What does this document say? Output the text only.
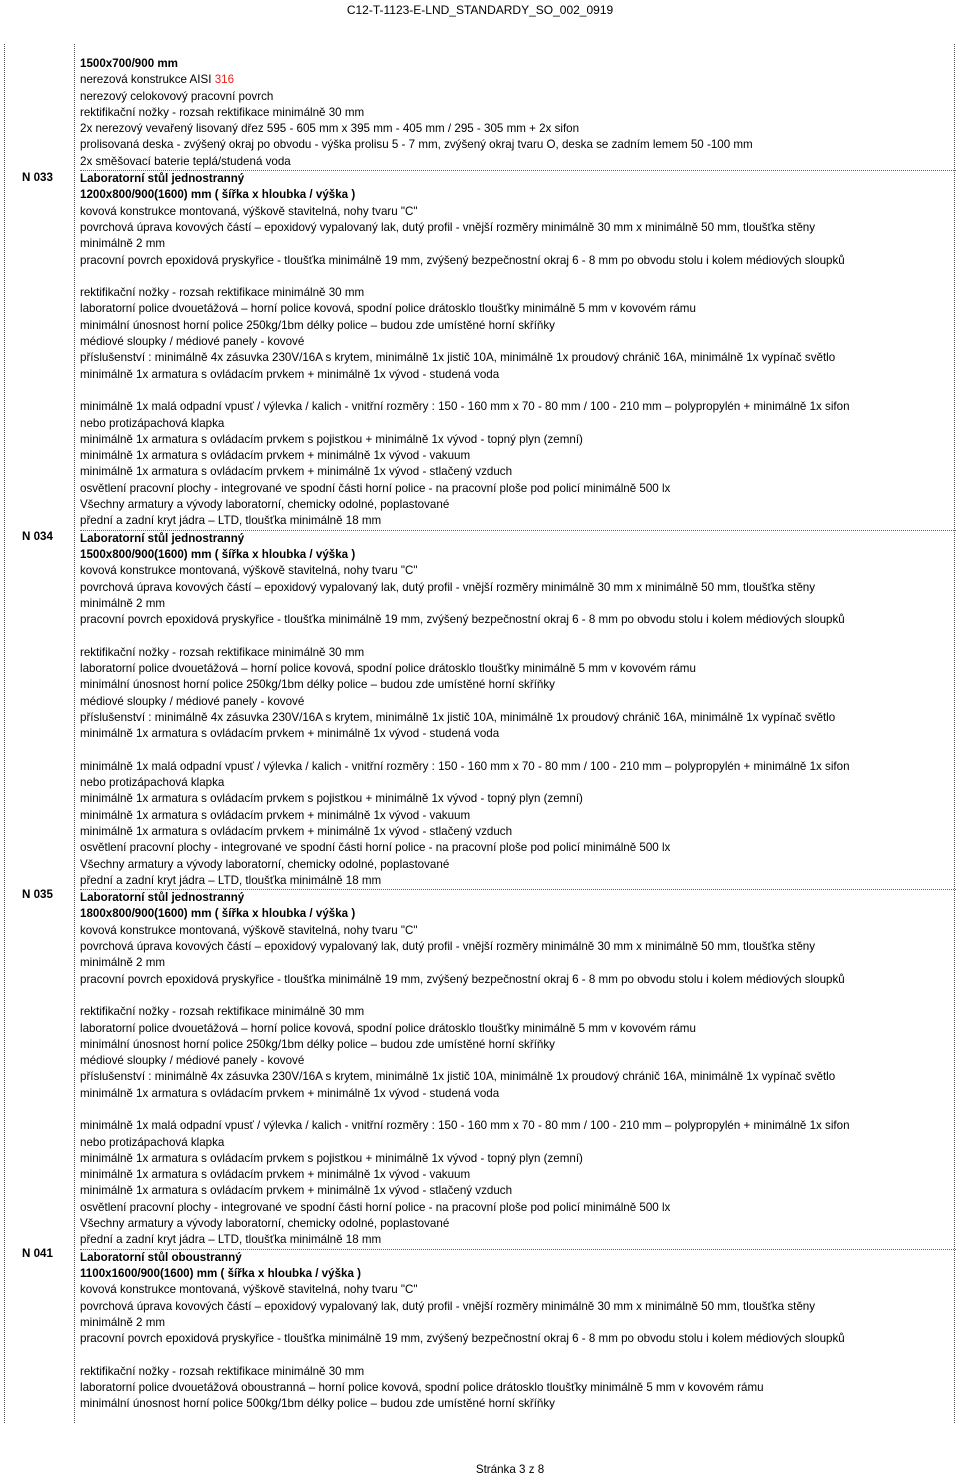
C12-T-1123-E-LND_STANDARDY_SO_002_0919
N 033
N 034
N 035
N 041
1500x700/900 mm
nerezová konstrukce AISI 316
nerezový celokovový pracovní povrch
rektifikační nožky - rozsah rektifikace minimálně 30 mm
2x nerezový vevařený lisovaný dřez 595 - 605 mm x 395 mm - 405 mm / 295 - 305 mm + 2x sifon
prolisovaná deska - zvýšený okraj po obvodu - výška prolisu 5 - 7 mm, zvýšený okraj tvaru O, deska se zadním lemem 50 -100 mm
2x směšovací baterie teplá/studená voda
Laboratorní stůl jednostranný
1200x800/900(1600) mm ( šířka x hloubka / výška )
kovová konstrukce montovaná, výškově stavitelná, nohy tvaru "C"
povrchová úprava kovových částí – epoxidový vypalovaný lak, dutý profil - vnější rozměry minimálně 30 mm x minimálně 50 mm, tloušťka stěny
minimálně 2 mm
pracovní povrch epoxidová pryskyřice - tloušťka minimálně 19 mm, zvýšený bezpečnostní okraj 6 - 8 mm po obvodu stolu i kolem médiových sloupků
rektifikační nožky - rozsah rektifikace minimálně 30 mm
laboratorní police dvouetážová – horní police kovová, spodní police drátosklo tloušťky minimálně 5 mm v kovovém rámu
minimální únosnost horní police 250kg/1bm délky police – budou zde umístěné horní skříňky
médiové sloupky / médiové panely - kovové
příslušenství : minimálně 4x zásuvka 230V/16A s krytem, minimálně 1x jistič 10A, minimálně 1x proudový chránič 16A, minimálně 1x vypínač světlo
minimálně 1x armatura s ovládacím prvkem + minimálně 1x vývod - studená voda
minimálně 1x malá odpadní vpusť / výlevka / kalich - vnitřní rozměry : 150 - 160 mm x 70 - 80 mm / 100 - 210 mm – polypropylén + minimálně 1x sifon
nebo protizápachová klapka
minimálně 1x armatura s ovládacím prvkem s pojistkou + minimálně 1x vývod - topný plyn (zemní)
minimálně 1x armatura s ovládacím prvkem + minimálně 1x vývod - vakuum
minimálně 1x armatura s ovládacím prvkem + minimálně 1x vývod - stlačený vzduch
osvětlení pracovní plochy - integrované ve spodní části horní police - na pracovní ploše pod policí minimálně 500 lx
Všechny armatury a vývody laboratorní, chemicky odolné, poplastované
přední a zadní kryt jádra – LTD, tloušťka minimálně 18 mm
Laboratorní stůl jednostranný
1500x800/900(1600) mm ( šířka x hloubka / výška )
kovová konstrukce montovaná, výškově stavitelná, nohy tvaru "C"
povrchová úprava kovových částí – epoxidový vypalovaný lak, dutý profil - vnější rozměry minimálně 30 mm x minimálně 50 mm, tloušťka stěny
minimálně 2 mm
pracovní povrch epoxidová pryskyřice - tloušťka minimálně 19 mm, zvýšený bezpečnostní okraj 6 - 8 mm po obvodu stolu i kolem médiových sloupků
rektifikační nožky - rozsah rektifikace minimálně 30 mm
laboratorní police dvouetážová – horní police kovová, spodní police drátosklo tloušťky minimálně 5 mm v kovovém rámu
minimální únosnost horní police 250kg/1bm délky police – budou zde umístěné horní skříňky
médiové sloupky / médiové panely - kovové
příslušenství : minimálně 4x zásuvka 230V/16A s krytem, minimálně 1x jistič 10A, minimálně 1x proudový chránič 16A, minimálně 1x vypínač světlo
minimálně 1x armatura s ovládacím prvkem + minimálně 1x vývod - studená voda
minimálně 1x malá odpadní vpusť / výlevka / kalich - vnitřní rozměry : 150 - 160 mm x 70 - 80 mm / 100 - 210 mm – polypropylén + minimálně 1x sifon
nebo protizápachová klapka
minimálně 1x armatura s ovládacím prvkem s pojistkou + minimálně 1x vývod - topný plyn (zemní)
minimálně 1x armatura s ovládacím prvkem + minimálně 1x vývod - vakuum
minimálně 1x armatura s ovládacím prvkem + minimálně 1x vývod - stlačený vzduch
osvětlení pracovní plochy - integrované ve spodní části horní police - na pracovní ploše pod policí minimálně 500 lx
Všechny armatury a vývody laboratorní, chemicky odolné, poplastované
přední a zadní kryt jádra – LTD, tloušťka minimálně 18 mm
Laboratorní stůl jednostranný
1800x800/900(1600) mm ( šířka x hloubka / výška )
kovová konstrukce montovaná, výškově stavitelná, nohy tvaru "C"
povrchová úprava kovových částí – epoxidový vypalovaný lak, dutý profil - vnější rozměry minimálně 30 mm x minimálně 50 mm, tloušťka stěny
minimálně 2 mm
pracovní povrch epoxidová pryskyřice - tloušťka minimálně 19 mm, zvýšený bezpečnostní okraj 6 - 8 mm po obvodu stolu i kolem médiových sloupků
rektifikační nožky - rozsah rektifikace minimálně 30 mm
laboratorní police dvouetážová – horní police kovová, spodní police drátosklo tloušťky minimálně 5 mm v kovovém rámu
minimální únosnost horní police 250kg/1bm délky police – budou zde umístěné horní skříňky
médiové sloupky / médiové panely - kovové
příslušenství : minimálně 4x zásuvka 230V/16A s krytem, minimálně 1x jistič 10A, minimálně 1x proudový chránič 16A, minimálně 1x vypínač světlo
minimálně 1x armatura s ovládacím prvkem + minimálně 1x vývod - studená voda
minimálně 1x malá odpadní vpusť / výlevka / kalich - vnitřní rozměry : 150 - 160 mm x 70 - 80 mm / 100 - 210 mm – polypropylén + minimálně 1x sifon
nebo protizápachová klapka
minimálně 1x armatura s ovládacím prvkem s pojistkou + minimálně 1x vývod - topný plyn (zemní)
minimálně 1x armatura s ovládacím prvkem + minimálně 1x vývod - vakuum
minimálně 1x armatura s ovládacím prvkem + minimálně 1x vývod - stlačený vzduch
osvětlení pracovní plochy - integrované ve spodní části horní police - na pracovní ploše pod policí minimálně 500 lx
Všechny armatury a vývody laboratorní, chemicky odolné, poplastované
přední a zadní kryt jádra – LTD, tloušťka minimálně 18 mm
Laboratorní stůl oboustranný
1100x1600/900(1600) mm ( šířka x hloubka / výška )
kovová konstrukce montovaná, výškově stavitelná, nohy tvaru "C"
povrchová úprava kovových částí – epoxidový vypalovaný lak, dutý profil - vnější rozměry minimálně 30 mm x minimálně 50 mm, tloušťka stěny
minimálně 2 mm
pracovní povrch epoxidová pryskyřice - tloušťka minimálně 19 mm, zvýšený bezpečnostní okraj 6 - 8 mm po obvodu stolu i kolem médiových sloupků
rektifikační nožky - rozsah rektifikace minimálně 30 mm
laboratorní police dvouetážová oboustranná – horní police kovová, spodní police drátosklo tloušťky minimálně 5 mm v kovovém rámu
minimální únosnost horní police 500kg/1bm délky police – budou zde umístěné horní skříňky
Stránka 3 z 8
